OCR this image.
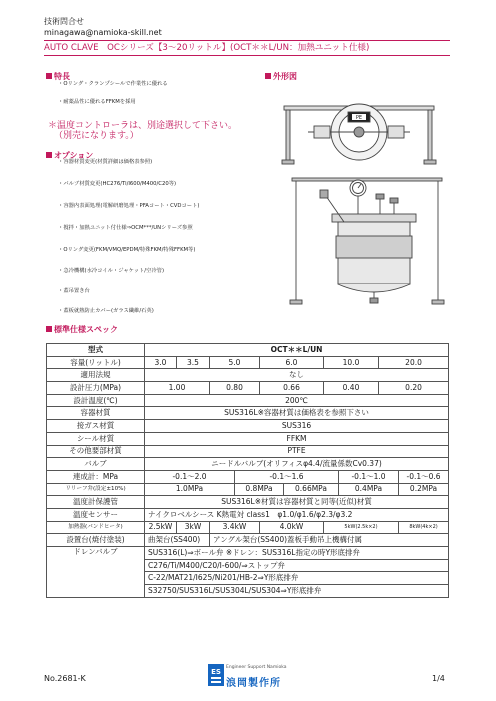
技術問合せ
minagawa@namioka-skill.net
AUTO CLAVE　OCシリーズ【3〜20リットル】(OCT＊＊L/UN：加熱ユニット仕様)
特長
・ Oリング・クランプシールで作業性に優れる
・ 耐薬品性に優れるFFKMを採用
＊温度コントローラは、別途選択して下さい。
（別売になります。）
オプション
・ 容器材質変更(材質詳細は価格表参照)
・ バルブ材質変更(HC276/Ti/I600/M400/C20等)
・ 容器内表面処理(電解研磨処理・PFAコート・CVDコート)
・ 撹拌・加熱ユニット付仕様⇒OCM***/UNシリーズ参照
・ Oリング変更(FKM/VMQ/EPDM/特殊FKM/特殊FFKM等)
・ 急冷機構(水冷コイル・ジャケット/空冷管)
・ 蓋吊置き台
・ 蓋板就熱防止カバー(ガラス繊維/石英)
外形図
PE
標準仕様スペック
型式	OCT＊＊L/UN									
容量(リットル)	3.0	3.5	5.0		6.0		10.0		20.0	
適用法規	なし									
設計圧力(MPa)	1.00		0.80		0.66		0.40		0.20	
設計温度(℃)	200℃									
容器材質	SUS316L※容器材質は価格表を参照下さい									
接ガス材質	SUS316									
シール材質	FFKM									
その他要部材質	PTFE									
バルブ	ニードルバルブ(オリフィスφ4.4/流量係数Cv0.37)									
連成計：MPa	-0.1〜2.0			-0.1〜1.6				-0.1〜1.0		-0.1〜0.6
リリーフ弁(設定±10%)	1.0MPa			0.8MPa		0.66MPa		0.4MPa		0.2MPa
温度計保護管	SUS316L※材質は容器材質と同等(近似)材質									
温度センサー	ナイクロベルシース K熱電対 class1　φ1.0/φ1.6/φ2.3/φ3.2									
加熱器(バンドヒータ)	2.5kW	3kW	3.4kW		4.0kW		5kW(2.5k×2)			8kW(4k×2)
設置台(焼付塗装)	曲架台(SS400)		アングル架台(SS400)蓋板手動吊上機構付属							
ドレンバルブ	SUS316(L)⇒ボール弁 ※ドレン：SUS316L指定の時Y形底排弁									
	C276/Ti/M400/C20/I-600/⇒ストップ弁									
	C-22/MAT21/I625/Ni201/HB-2⇒Y形底排弁									
	S32750/SUS316L/SUS304L/SUS304⇒Y形底排弁									
No.2681-K
ES
Engineer Support Namioka
浪岡製作所	1/4
